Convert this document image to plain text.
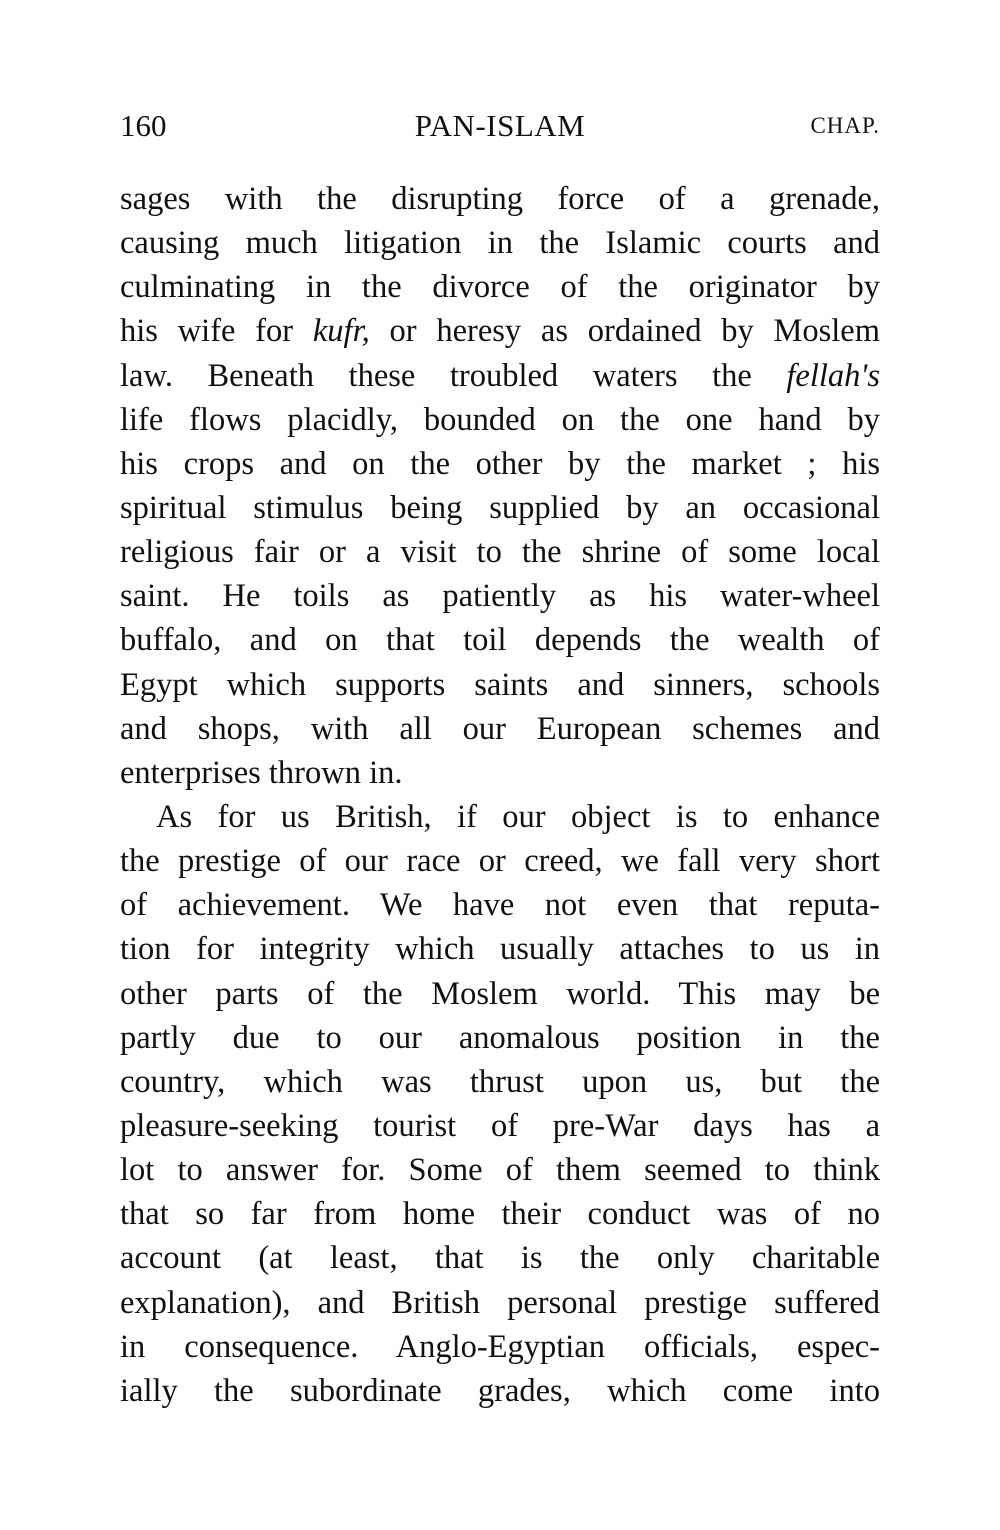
160	PAN-ISLAM	CHAP.
sages with the disrupting force of a grenade,
causing much litigation in the Islamic courts and
culminating in the divorce of the originator by
his wife for kufr, or heresy as ordained by Moslem
law. Beneath these troubled waters the fellah's
life flows placidly, bounded on the one hand by
his crops and on the other by the market ; his
spiritual stimulus being supplied by an occasional
religious fair or a visit to the shrine of some local
saint. He toils as patiently as his water-wheel
buffalo, and on that toil depends the wealth of
Egypt which supports saints and sinners, schools
and shops, with all our European schemes and
enterprises thrown in.
As for us British, if our object is to enhance
the prestige of our race or creed, we fall very short
of achievement. We have not even that reputa-
tion for integrity which usually attaches to us in
other parts of the Moslem world. This may be
partly due to our anomalous position in the
country, which was thrust upon us, but the
pleasure-seeking tourist of pre-War days has a
lot to answer for. Some of them seemed to think
that so far from home their conduct was of no
account (at least, that is the only charitable
explanation), and British personal prestige suffered
in consequence. Anglo-Egyptian officials, espec-
ially the subordinate grades, which come into
